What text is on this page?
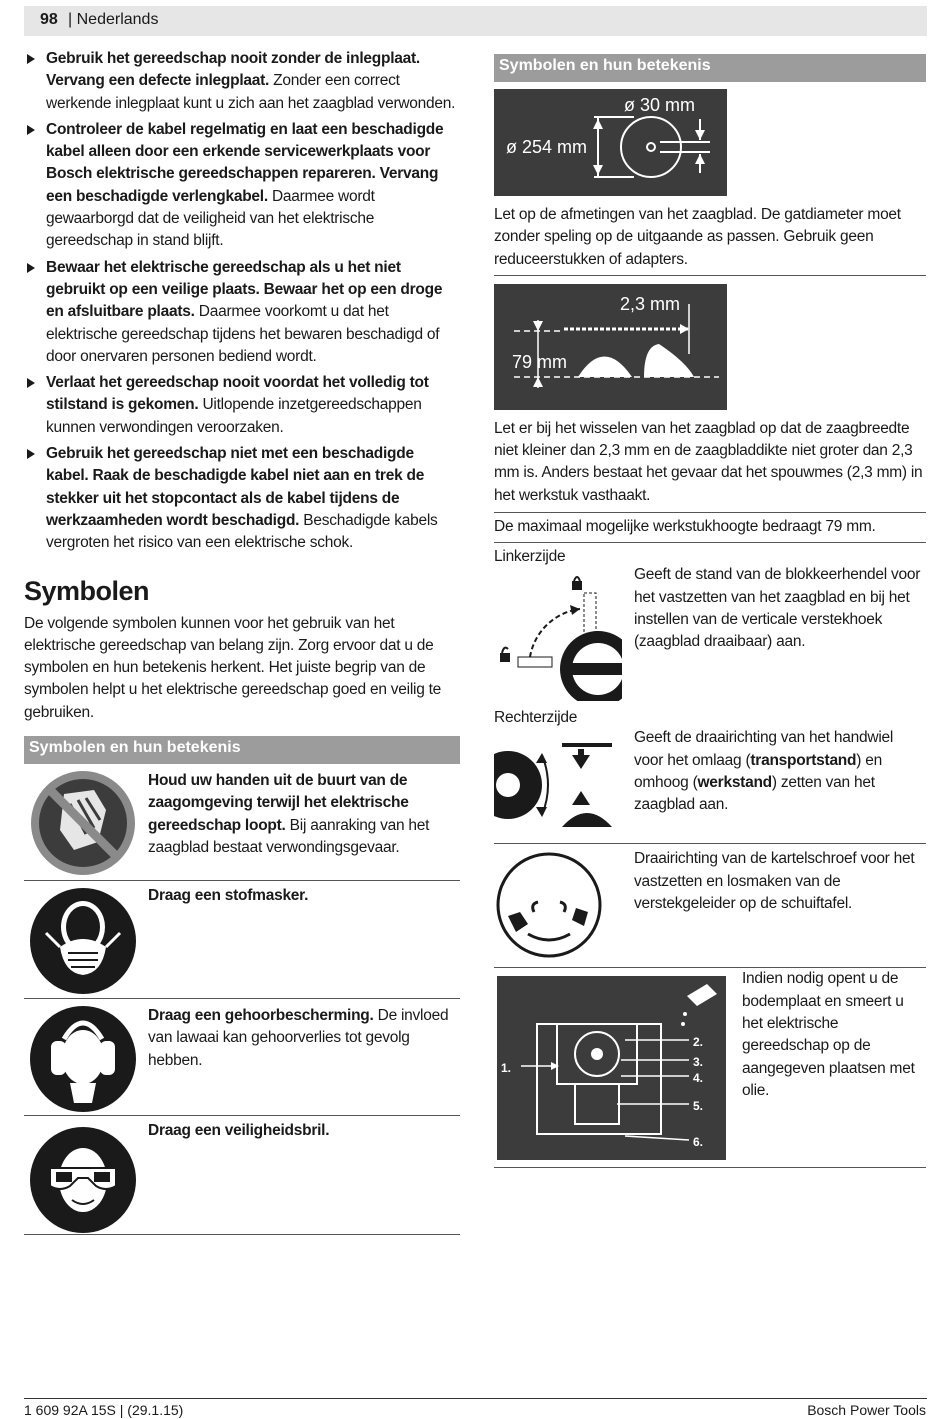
98 | Nederlands
Gebruik het gereedschap nooit zonder de inlegplaat. Vervang een defecte inlegplaat. Zonder een correct werkende inlegplaat kunt u zich aan het zaagblad verwonden.
Controleer de kabel regelmatig en laat een beschadigde kabel alleen door een erkende servicewerkplaats voor Bosch elektrische gereedschappen repareren. Vervang een beschadigde verlengkabel. Daarmee wordt gewaarborgd dat de veiligheid van het elektrische gereedschap in stand blijft.
Bewaar het elektrische gereedschap als u het niet gebruikt op een veilige plaats. Bewaar het op een droge en afsluitbare plaats. Daarmee voorkomt u dat het elektrische gereedschap tijdens het bewaren beschadigd of door onervaren personen bediend wordt.
Verlaat het gereedschap nooit voordat het volledig tot stilstand is gekomen. Uitlopende inzetgereedschappen kunnen verwondingen veroorzaken.
Gebruik het gereedschap niet met een beschadigde kabel. Raak de beschadigde kabel niet aan en trek de stekker uit het stopcontact als de kabel tijdens de werkzaamheden wordt beschadigd. Beschadigde kabels vergroten het risico van een elektrische schok.
Symbolen
De volgende symbolen kunnen voor het gebruik van het elektrische gereedschap van belang zijn. Zorg ervoor dat u de symbolen en hun betekenis herkent. Het juiste begrip van de symbolen helpt u het elektrische gereedschap goed en veilig te gebruiken.
Symbolen en hun betekenis
Houd uw handen uit de buurt van de zaagomgeving terwijl het elektrische gereedschap loopt. Bij aanraking van het zaagblad bestaat verwondingsgevaar.
Draag een stofmasker.
Draag een gehoorbescherming. De invloed van lawaai kan gehoorverlies tot gevolg hebben.
Draag een veiligheidsbril.
Symbolen en hun betekenis
ø 254 mm
ø 30 mm
Let op de afmetingen van het zaagblad. De gatdiameter moet zonder speling op de uitgaande as passen. Gebruik geen reduceerstukken of adapters.
2,3 mm
79 mm
Let er bij het wisselen van het zaagblad op dat de zaagbreedte niet kleiner dan 2,3 mm en de zaagbladdikte niet groter dan 2,3 mm is. Anders bestaat het gevaar dat het spouwmes (2,3 mm) in het werkstuk vasthaakt.
De maximaal mogelijke werkstukhoogte bedraagt 79 mm.
Linkerzijde
Geeft de stand van de blokkeerhendel voor het vastzetten van het zaagblad en bij het instellen van de verticale verstekhoek (zaagblad draaibaar) aan.
Rechterzijde
Geeft de draairichting van het handwiel voor het omlaag (transportstand) en omhoog (werkstand) zetten van het zaagblad aan.
Draairichting van de kartelschroef voor het vastzetten en losmaken van de verstekgeleider op de schuiftafel.
1.
2.
3.
4.
5.
6.
Indien nodig opent u de bodemplaat en smeert u het elektrische gereedschap op de aangegeven plaatsen met olie.
1 609 92A 15S | (29.1.15)	Bosch Power Tools
